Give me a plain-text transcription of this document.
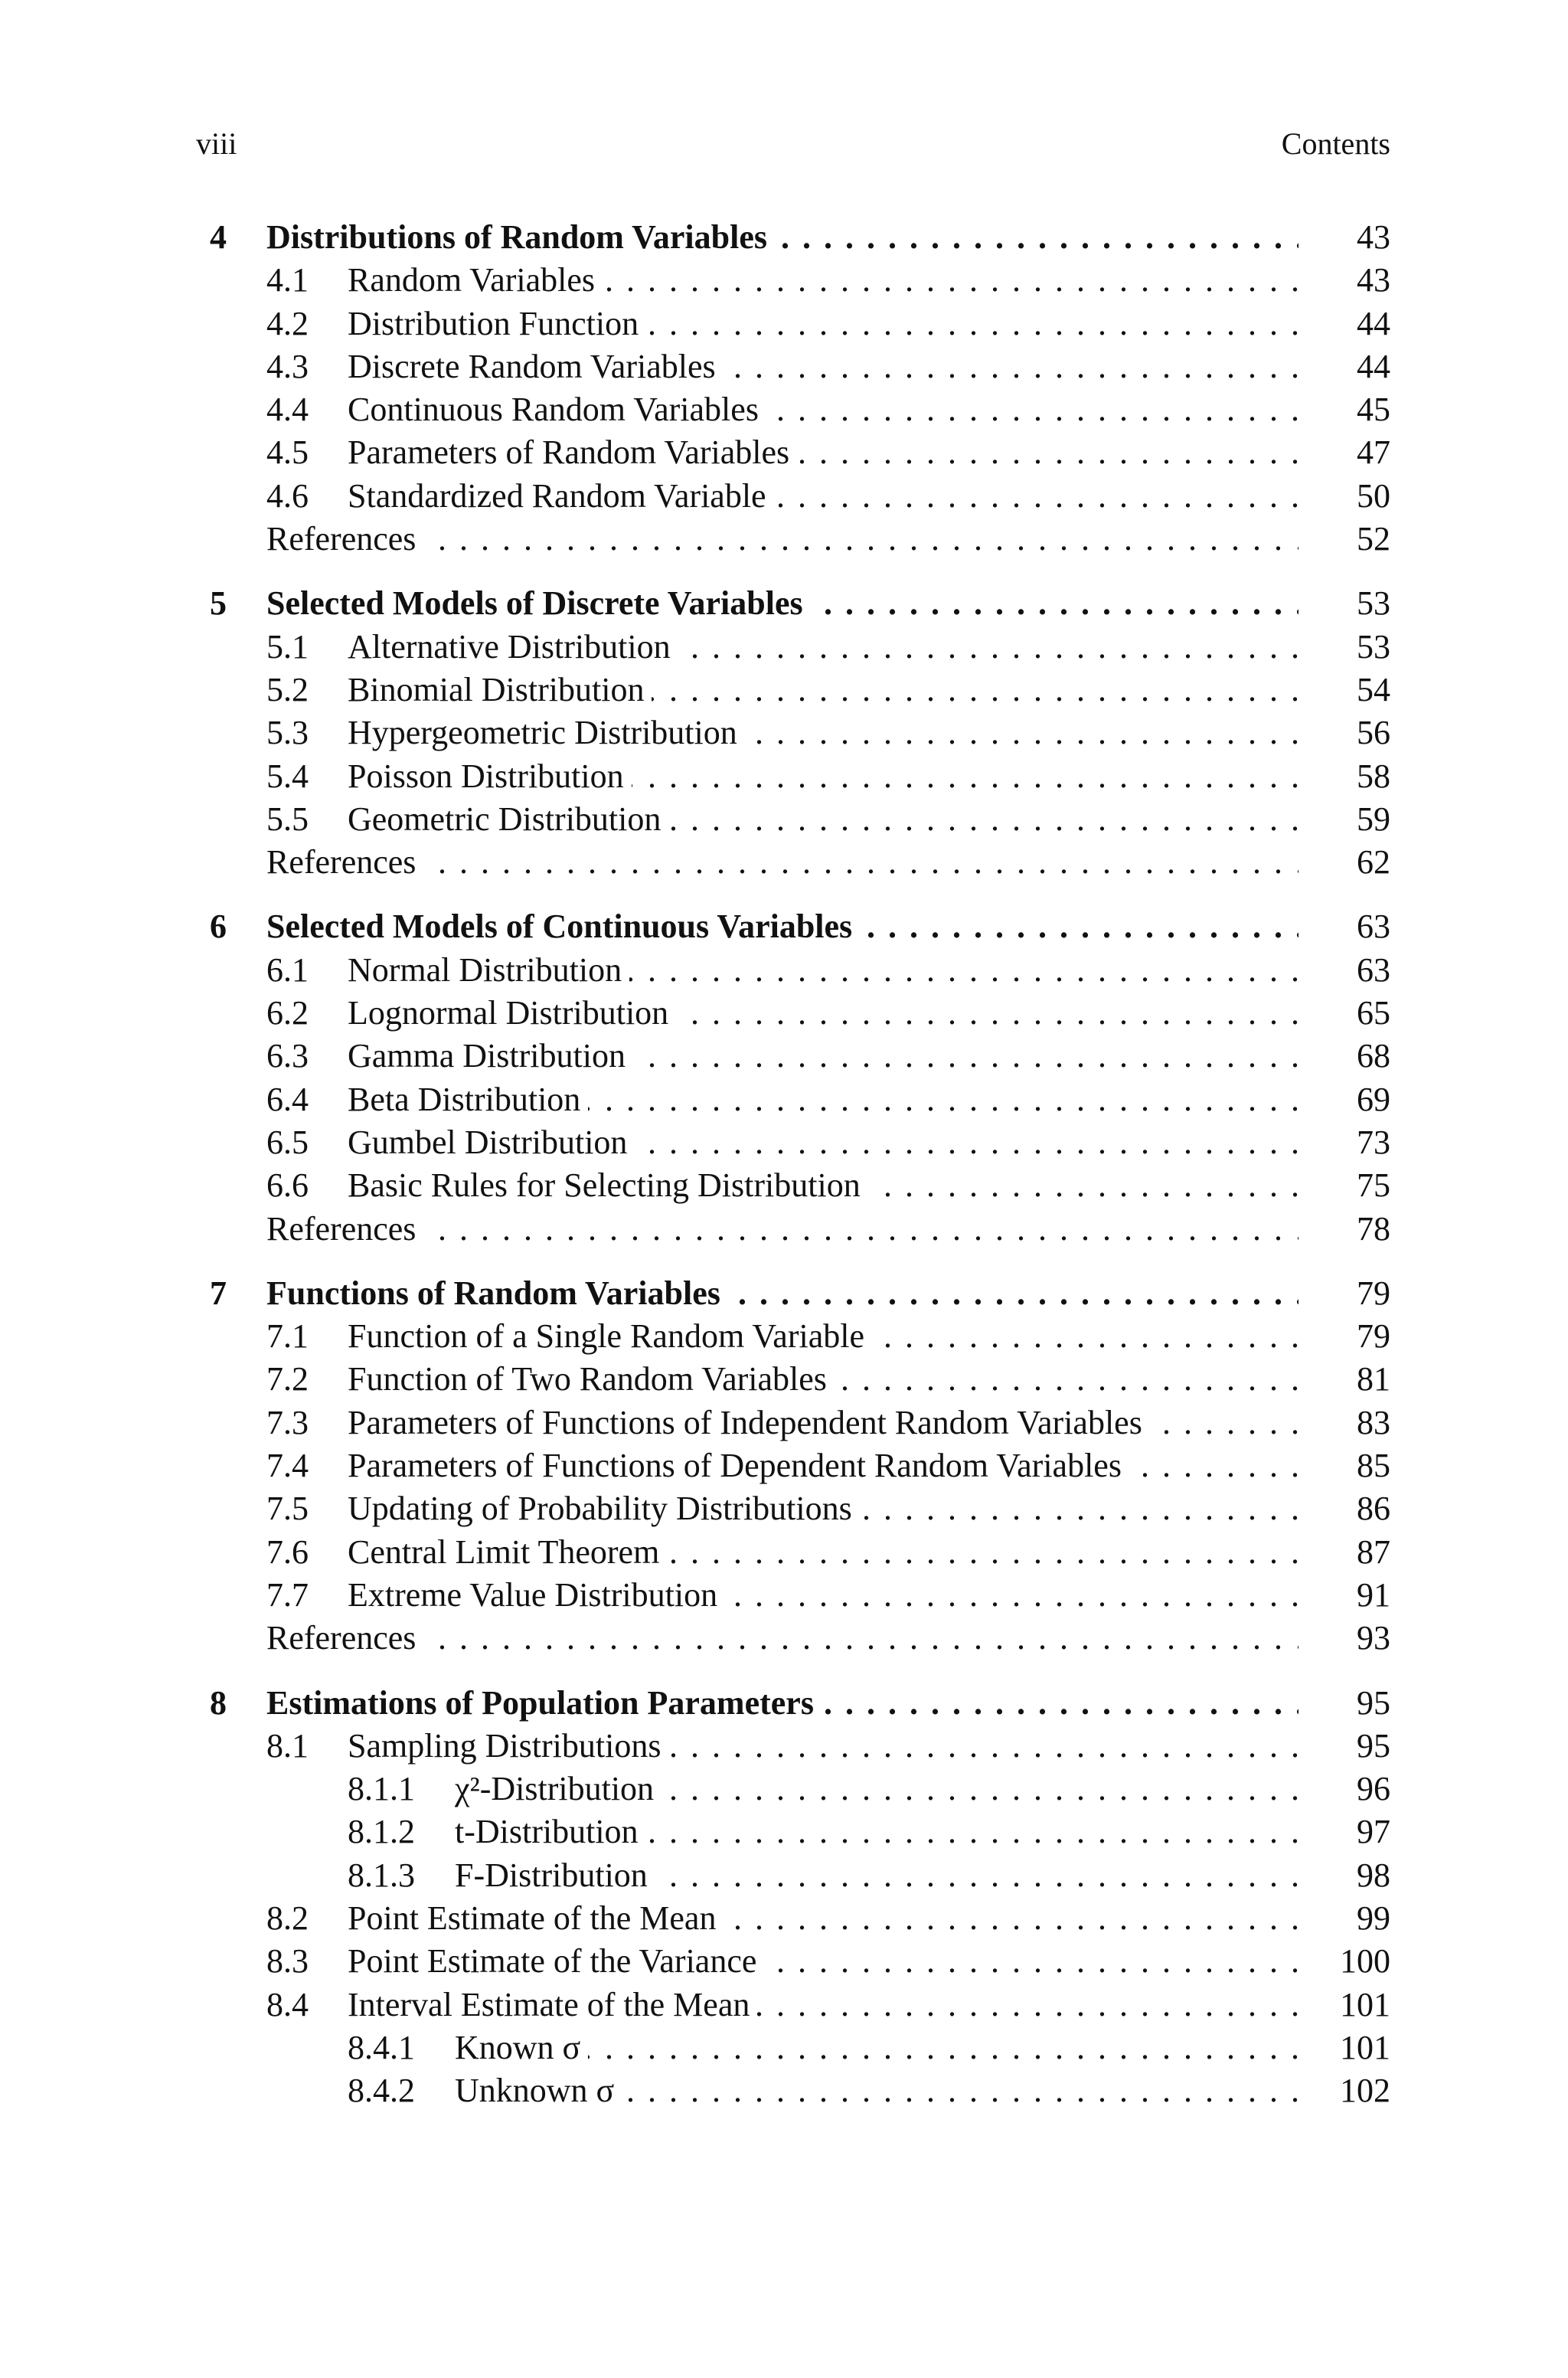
viii	Contents
4 Distributions of Random Variables . . .	43
4.1 Random Variables . . .	43
4.2 Distribution Function . . .	44
4.3 Discrete Random Variables . . .	44
4.4 Continuous Random Variables . . .	45
4.5 Parameters of Random Variables . . .	47
4.6 Standardized Random Variable . . .	50
References . . .	52
5 Selected Models of Discrete Variables . . .	53
5.1 Alternative Distribution . . .	53
5.2 Binomial Distribution . . .	54
5.3 Hypergeometric Distribution . . .	56
5.4 Poisson Distribution . . .	58
5.5 Geometric Distribution . . .	59
References . . .	62
6 Selected Models of Continuous Variables . . .	63
6.1 Normal Distribution . . .	63
6.2 Lognormal Distribution . . .	65
6.3 Gamma Distribution . . .	68
6.4 Beta Distribution . . .	69
6.5 Gumbel Distribution . . .	73
6.6 Basic Rules for Selecting Distribution . . .	75
References . . .	78
7 Functions of Random Variables . . .	79
7.1 Function of a Single Random Variable . . .	79
7.2 Function of Two Random Variables . . .	81
7.3 Parameters of Functions of Independent Random Variables . . .	83
7.4 Parameters of Functions of Dependent Random Variables . . .	85
7.5 Updating of Probability Distributions . . .	86
7.6 Central Limit Theorem . . .	87
7.7 Extreme Value Distribution . . .	91
References . . .	93
8 Estimations of Population Parameters . . .	95
8.1 Sampling Distributions . . .	95
8.1.1 χ²-Distribution . . .	96
8.1.2 t-Distribution . . .	97
8.1.3 F-Distribution . . .	98
8.2 Point Estimate of the Mean . . .	99
8.3 Point Estimate of the Variance . . .	100
8.4 Interval Estimate of the Mean . . .	101
8.4.1 Known σ . . .	101
8.4.2 Unknown σ . . .	102
